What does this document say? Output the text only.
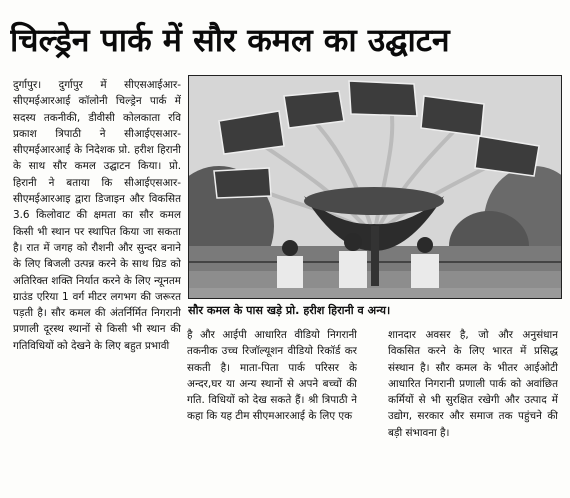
चिल्ड्रेन पार्क में सौर कमल का उद्घाटन

दुर्गापुर। दुर्गापुर में सीएसआईआर-सीएमईआरआई कॉलोनी चिल्ड्रेन पार्क में सदस्य तकनीकी, डीवीसी कोलकाता रवि प्रकाश त्रिपाठी ने सीआईएसआर- सीएमईआरआई के निदेशक प्रो. हरीश हिरानी के साथ सौर कमल उद्घाटन किया। प्रो. हिरानी ने बताया कि सीआईएसआर- सीएमईआरआइ द्वारा डिजाइन और विकसित 3.6 किलोवाट की क्षमता का सौर कमल किसी भी स्थान पर स्थापित किया जा सकता है। रात में जगह को रौशनी और सुन्दर बनाने के लिए बिजली उत्पन्न करने के साथ ग्रिड को अतिरिक्त शक्ति निर्यात करने के लिए न्यूनतम ग्राउंड एरिया 1 वर्ग मीटर लगभग की जरूरत पड़ती है। सौर कमल की अंतर्निर्मित निगरानी प्रणाली दूरस्थ स्थानों से किसी भी स्थान की गतिविधियों को देखने के लिए बहुत प्रभावी

सौर कमल के पास खड़े प्रो. हरीश हिरानी व अन्य।

है और आईपी आधारित वीडियो निगरानी तकनीक उच्च रिजॉल्यूशन वीडियो रिकॉर्ड कर सकती है। माता-पिता पार्क परिसर के अन्दर,घर या अन्य स्थानों से अपने बच्चों की गति. विधियों को देख सकते हैं। श्री त्रिपाठी ने कहा कि यह टीम सीएमआरआई के लिए एक

शानदार अवसर है, जो और अनुसंधान विकसित करने के लिए भारत में प्रसिद्ध संस्थान है। सौर कमल के भीतर आईओटी आधारित निगरानी प्रणाली पार्क को अवांछित कर्मियों से भी सुरक्षित रखेगी और उत्पाद में उद्योग, सरकार और समाज तक पहुंचने की बड़ी संभावना है।
